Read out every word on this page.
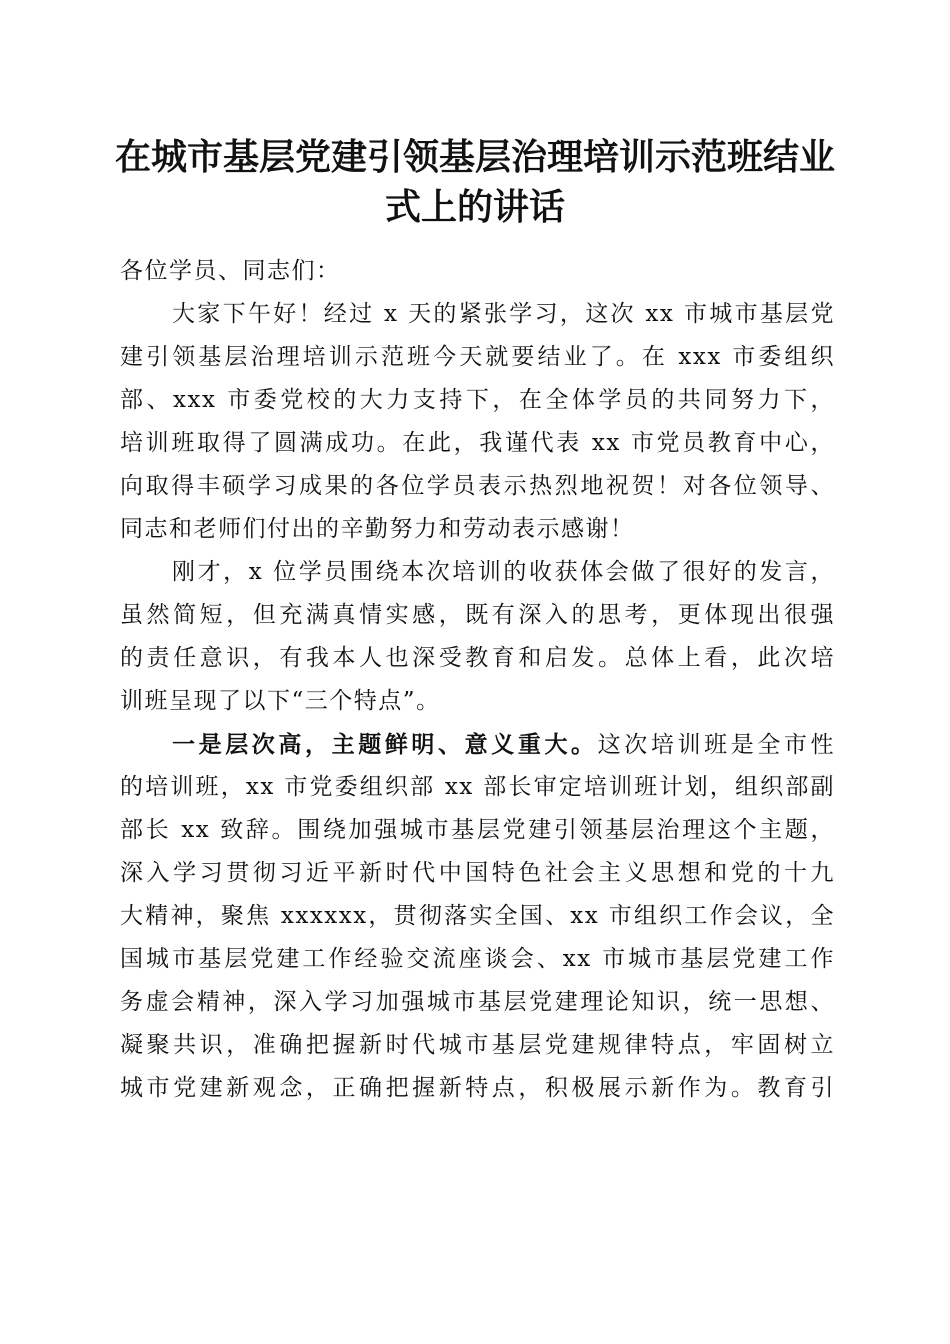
在城市基层党建引领基层治理培训示范班结业
式上的讲话
各位学员、同志们：
大家下午好！经过 x 天的紧张学习，这次 xx 市城市基层党
建引领基层治理培训示范班今天就要结业了。在 xxx 市委组织
部、xxx 市委党校的大力支持下，在全体学员的共同努力下，
培训班取得了圆满成功。在此，我谨代表 xx 市党员教育中心，
向取得丰硕学习成果的各位学员表示热烈地祝贺！对各位领导、
同志和老师们付出的辛勤努力和劳动表示感谢！
刚才，x 位学员围绕本次培训的收获体会做了很好的发言，
虽然简短，但充满真情实感，既有深入的思考，更体现出很强
的责任意识，有我本人也深受教育和启发。总体上看，此次培
训班呈现了以下“三个特点”。
一是层次高，主题鲜明、意义重大。这次培训班是全市性
的培训班，xx 市党委组织部 xx 部长审定培训班计划，组织部副
部长 xx 致辞。围绕加强城市基层党建引领基层治理这个主题，
深入学习贯彻习近平新时代中国特色社会主义思想和党的十九
大精神，聚焦 xxxxxx，贯彻落实全国、xx 市组织工作会议，全
国城市基层党建工作经验交流座谈会、xx 市城市基层党建工作
务虚会精神，深入学习加强城市基层党建理论知识，统一思想、
凝聚共识，准确把握新时代城市基层党建规律特点，牢固树立
城市党建新观念，正确把握新特点，积极展示新作为。教育引
